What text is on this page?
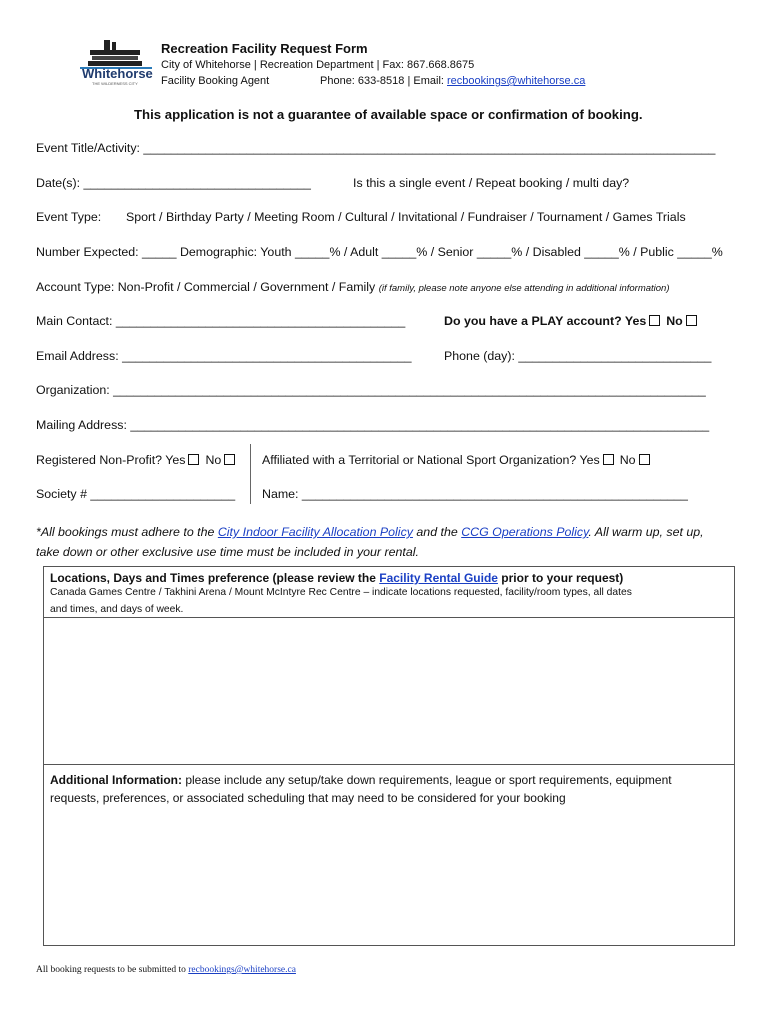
Whitehorse
THE WILDERNESS CITY
Recreation Facility Request Form
City of Whitehorse | Recreation Department | Fax: 867.668.8675
Facility Booking Agent	Phone: 633-8518 | Email: recbookings@whitehorse.ca
This application is not a guarantee of available space or confirmation of booking.
Event Title/Activity: ___________________________________________________________________________________
Date(s): _________________________________	Is this a single event / Repeat booking / multi day?
Event Type: Sport / Birthday Party / Meeting Room / Cultural / Invitational / Fundraiser / Tournament / Games Trials
Number Expected: _____ Demographic: Youth _____% / Adult _____% / Senior _____% / Disabled _____% / Public _____%
Account Type: Non-Profit / Commercial / Government / Family (if family, please note anyone else attending in additional information)
Main Contact: __________________________________________	Do you have a PLAY account? Yes No
Email Address: __________________________________________	Phone (day): ____________________________
Organization: ______________________________________________________________________________________
Mailing Address: ____________________________________________________________________________________
Registered Non-Profit? Yes No	Affiliated with a Territorial or National Sport Organization? Yes No
Society # _____________________ Name: ________________________________________________________
*All bookings must adhere to the City Indoor Facility Allocation Policy and the CCG Operations Policy. All warm up, set up,
take down or other exclusive use time must be included in your rental.
Locations, Days and Times preference (please review the Facility Rental Guide prior to your request)
Canada Games Centre / Takhini Arena / Mount McIntyre Rec Centre – indicate locations requested, facility/room types, all dates
and times, and days of week.
Additional Information: please include any setup/take down requirements, league or sport requirements, equipment
requests, preferences, or associated scheduling that may need to be considered for your booking
All booking requests to be submitted to recbookings@whitehorse.ca
